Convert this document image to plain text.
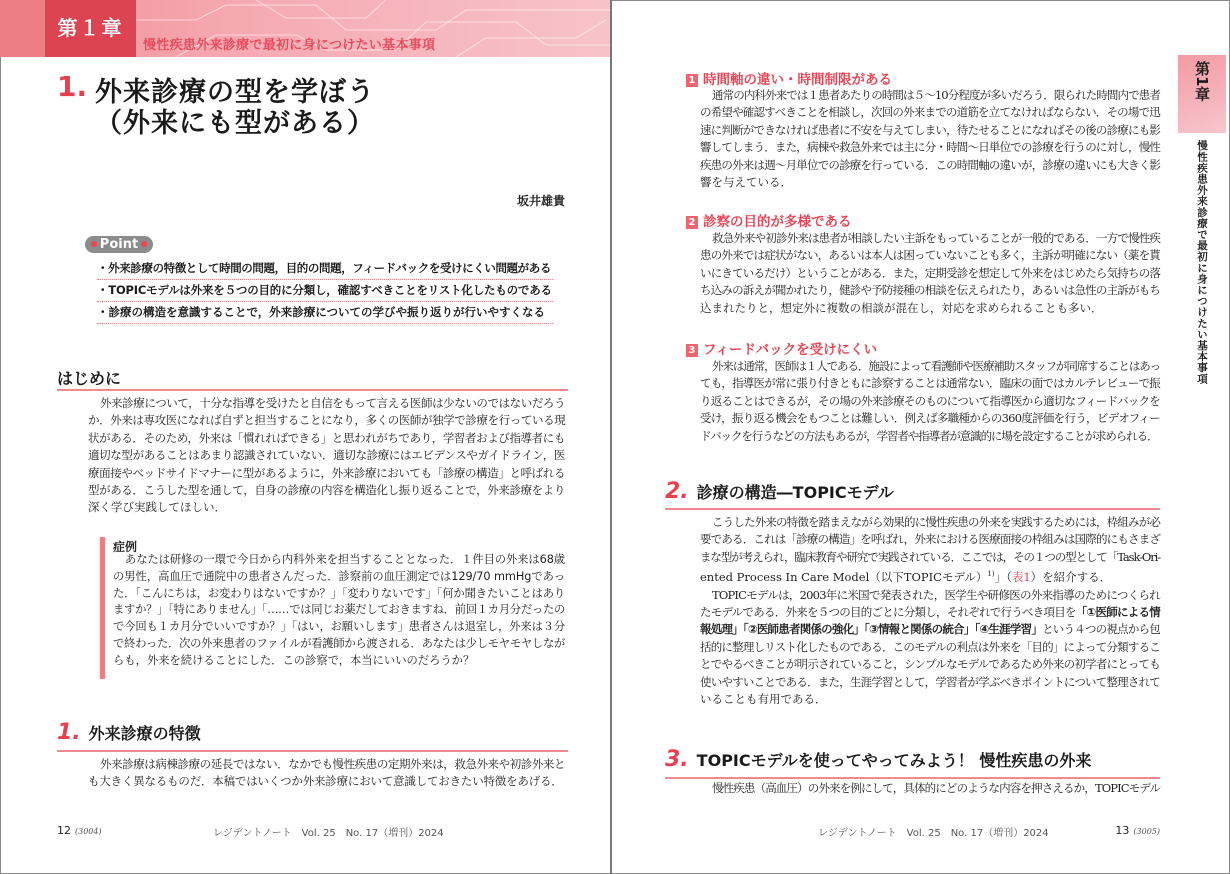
第１章
慢性疾患外来診療で最初に身につけたい基本事項
1. 外来診療の型を学ぼう
（外来にも型がある）
坂井雄貴
Point
・外来診療の特徴として時間の問題，目的の問題，フィードバックを受けにくい問題がある
・TOPICモデルは外来を５つの目的に分類し，確認すべきことをリスト化したものである
・診療の構造を意識することで，外来診療についての学びや振り返りが行いやすくなる
はじめに
外来診療について，十分な指導を受けたと自信をもって言える医師は少ないのではないだろう
か．外来は専攻医になれば自ずと担当することになり，多くの医師が独学で診療を行っている現
状がある．そのため，外来は「慣れればできる」と思われがちであり，学習者および指導者にも
適切な型があることはあまり認識されていない．適切な診療にはエビデンスやガイドライン，医
療面接やベッドサイドマナーに型があるように，外来診療においても「診療の構造」と呼ばれる
型がある．こうした型を通して，自身の診療の内容を構造化し振り返ることで，外来診療をより
深く学び実践してほしい．
症例
あなたは研修の一環で今日から内科外来を担当することとなった．１件目の外来は68歳
の男性，高血圧で通院中の患者さんだった．診察前の血圧測定では129/70 mmHgであっ
た．「こんにちは，お変わりはないですか？」「変わりないです」「何か聞きたいことはあり
ますか？」「特にありません」「……では同じお薬だしておきますね．前回１カ月分だったの
で今回も１カ月分でいいですか？」「はい，お願いします」患者さんは退室し，外来は３分
で終わった．次の外来患者のファイルが看護師から渡される．あなたは少しモヤモヤしなが
らも，外来を続けることにした．この診察で，本当にいいのだろうか？
1. 外来診療の特徴
外来診療は病棟診療の延長ではない．なかでも慢性疾患の定期外来は，救急外来や初診外来と
も大きく異なるものだ．本稿ではいくつか外来診療において意識しておきたい特徴をあげる．
12 (3004)	レジデントノート　Vol. 25　No. 17（増刊）2024
第1章
慢性疾患外来診療で最初に身につけたい基本事項
1 時間軸の違い・時間制限がある
通常の内科外来では１患者あたりの時間は５～10分程度が多いだろう．限られた時間内で患者
の希望や確認すべきことを相談し，次回の外来までの道筋を立てなければならない．その場で迅
速に判断ができなければ患者に不安を与えてしまい，待たせることになればその後の診療にも影
響してしまう．また，病棟や救急外来では主に分・時間～日単位での診療を行うのに対し，慢性
疾患の外来は週～月単位での診療を行っている．この時間軸の違いが，診療の違いにも大きく影
響を与えている．
2 診察の目的が多様である
救急外来や初診外来は患者が相談したい主訴をもっていることが一般的である．一方で慢性疾
患の外来では症状がない，あるいは本人は困っていないことも多く，主訴が明確にない（薬を貰
いにきているだけ）ということがある．また，定期受診を想定して外来をはじめたら気持ちの落
ち込みの訴えが聞かれたり，健診や予防接種の相談を伝えられたり，あるいは急性の主訴がもち
込まれたりと，想定外に複数の相談が混在し，対応を求められることも多い．
3 フィードバックを受けにくい
外来は通常，医師は１人である．施設によって看護師や医療補助スタッフが同席することはあっ
ても，指導医が常に張り付きともに診察することは通常ない．臨床の面ではカルテレビューで振
り返ることはできるが，その場の外来診療そのものについて指導医から適切なフィードバックを
受け，振り返る機会をもつことは難しい．例えば多職種からの360度評価を行う，ビデオフィー
ドバックを行うなどの方法もあるが，学習者や指導者が意識的に場を設定することが求められる．
2. 診療の構造―TOPICモデル
こうした外来の特徴を踏まえながら効果的に慢性疾患の外来を実践するためには，枠組みが必
要である．これは「診療の構造」を呼ばれ，外来における医療面接の枠組みは国際的にもさまざ
まな型が考えられ，臨床教育や研究で実践されている．ここでは，その１つの型として「Task-Ori-
ented Process In Care Model（以下TOPICモデル）$^{1)}$」（表1）を紹介する．
TOPICモデルは，2003年に米国で発表された，医学生や研修医の外来指導のためにつくられ
たモデルである．外来を５つの目的ごとに分類し，それぞれで行うべき項目を「①医師による情
報処理」「②医師患者関係の強化」「③情報と関係の統合」「④生涯学習」という４つの視点から包
括的に整理しリスト化したものである．このモデルの利点は外来を「目的」によって分類するこ
とでやるべきことが明示されていること，シンプルなモデルであるため外来の初学者にとっても
使いやすいことである．また，生涯学習として，学習者が学ぶべきポイントについて整理されて
いることも有用である．
3. TOPICモデルを使ってやってみよう！ 慢性疾患の外来
慢性疾患（高血圧）の外来を例にして，具体的にどのような内容を押さえるか，TOPICモデル
レジデントノート　Vol. 25　No. 17（増刊）2024	13 (3005)
